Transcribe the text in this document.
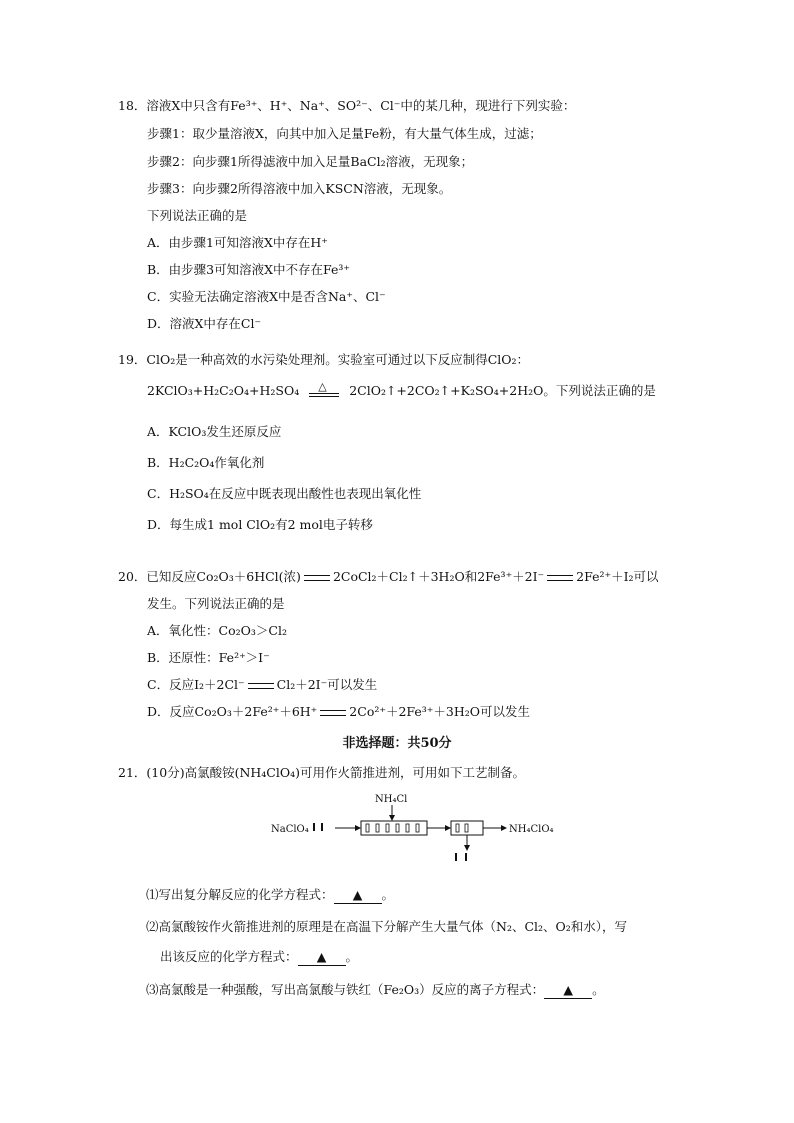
18．溶液X中只含有Fe³⁺、H⁺、Na⁺、SO²⁻、Cl⁻中的某几种，现进行下列实验：
步骤1：取少量溶液X，向其中加入足量Fe粉，有大量气体生成，过滤；
步骤2：向步骤1所得滤液中加入足量BaCl₂溶液，无现象；
步骤3：向步骤2所得溶液中加入KSCN溶液，无现象。
下列说法正确的是
A．由步骤1可知溶液X中存在H⁺
B．由步骤3可知溶液X中不存在Fe³⁺
C．实验无法确定溶液X中是否含Na⁺、Cl⁻
D．溶液X中存在Cl⁻
19．ClO₂是一种高效的水污染处理剂。实验室可通过以下反应制得ClO₂：
2KClO₃+H₂C₂O₄+H₂SO₄ △ 2ClO₂↑+2CO₂↑+K₂SO₄+2H₂O。下列说法正确的是
A．KClO₃发生还原反应
B．H₂C₂O₄作氧化剂
C．H₂SO₄在反应中既表现出酸性也表现出氧化性
D．每生成1 mol ClO₂有2 mol电子转移
20．已知反应Co₂O₃＋6HCl(浓)	2CoCl₂＋Cl₂↑＋3H₂O和2Fe³⁺＋2I⁻	2Fe²⁺＋I₂可以
发生。下列说法正确的是
A．氧化性：Co₂O₃＞Cl₂
B．还原性：Fe²⁺＞I⁻
C．反应I₂＋2Cl⁻	Cl₂＋2I⁻可以发生
D．反应Co₂O₃＋2Fe²⁺＋6H⁺	2Co²⁺＋2Fe³⁺＋3H₂O可以发生
非选择题：共50分
21．(10分)高氯酸铵(NH₄ClO₄)可用作火箭推进剂，可用如下工艺制备。
NaClO₄
NH₄Cl
NH₄ClO₄
⑴写出复分解反应的化学方程式： ▲ 。
⑵高氯酸铵作火箭推进剂的原理是在高温下分解产生大量气体（N₂、Cl₂、O₂和水），写
出该反应的化学方程式： ▲ 。
⑶高氯酸是一种强酸，写出高氯酸与铁红（Fe₂O₃）反应的离子方程式： ▲ 。
